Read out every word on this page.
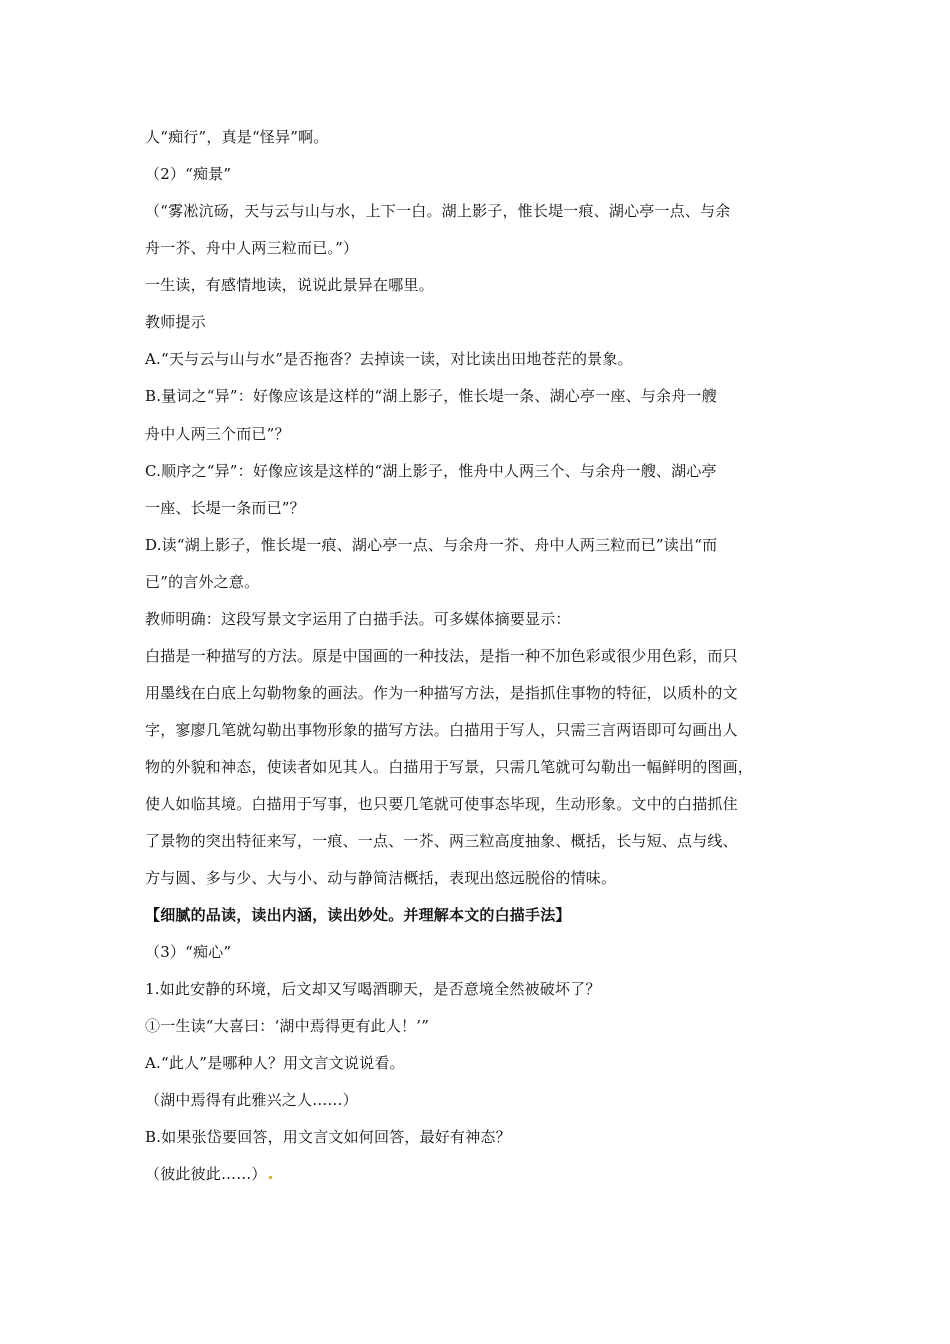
人“痴行”，真是“怪异”啊。
（2）“痴景”
（“雾凇沆砀，天与云与山与水，上下一白。湖上影子，惟长堤一痕、湖心亭一点、与余
舟一芥、舟中人两三粒而已。”）
一生读，有感情地读，说说此景异在哪里。
教师提示
A.“天与云与山与水”是否拖沓？去掉读一读，对比读出田地苍茫的景象。
B.量词之“异”：好像应该是这样的“湖上影子，惟长堤一条、湖心亭一座、与余舟一艘
舟中人两三个而已”？
C.顺序之“异”：好像应该是这样的“湖上影子，惟舟中人两三个、与余舟一艘、湖心亭
一座、长堤一条而已”？
D.读“湖上影子，惟长堤一痕、湖心亭一点、与余舟一芥、舟中人两三粒而已”读出“而
已”的言外之意。
教师明确：这段写景文字运用了白描手法。可多媒体摘要显示：
白描是一种描写的方法。原是中国画的一种技法，是指一种不加色彩或很少用色彩，而只
用墨线在白底上勾勒物象的画法。作为一种描写方法，是指抓住事物的特征，以质朴的文
字，寥廖几笔就勾勒出事物形象的描写方法。白描用于写人，只需三言两语即可勾画出人
物的外貌和神态，使读者如见其人。白描用于写景，只需几笔就可勾勒出一幅鲜明的图画，
使人如临其境。白描用于写事，也只要几笔就可使事态毕现，生动形象。文中的白描抓住
了景物的突出特征来写，一痕、一点、一芥、两三粒高度抽象、概括，长与短、点与线、
方与圆、多与少、大与小、动与静简洁概括，表现出悠远脱俗的情味。
【细腻的品读，读出内涵，读出妙处。并理解本文的白描手法】
（3）“痴心”
1.如此安静的环境，后文却又写喝酒聊天，是否意境全然被破坏了？
①一生读“大喜曰：‘湖中焉得更有此人！’”
A.“此人”是哪种人？用文言文说说看。
（湖中焉得有此雅兴之人……）
B.如果张岱要回答，用文言文如何回答，最好有神态？
（彼此彼此……）
